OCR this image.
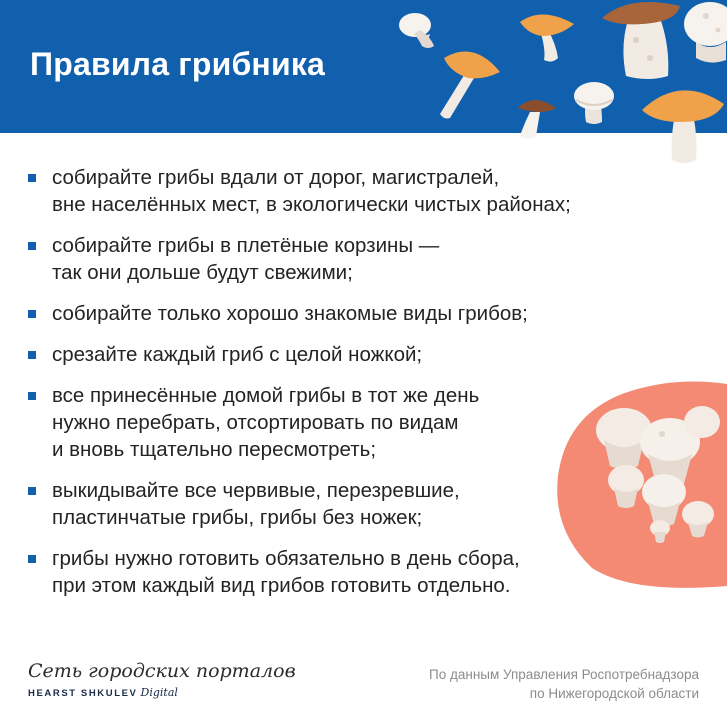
Правила грибника
собирайте грибы вдали от дорог, магистралей,
вне населённых мест, в экологически чистых районах;
собирайте грибы в плетёные корзины —
так они дольше будут свежими;
собирайте только хорошо знакомые виды грибов;
срезайте каждый гриб с целой ножкой;
все принесённые домой грибы в тот же день
нужно перебрать, отсортировать по видам
и вновь тщательно пересмотреть;
выкидывайте все червивые, перезревшие,
пластинчатые грибы, грибы без ножек;
грибы нужно готовить обязательно в день сбора,
при этом каждый вид грибов готовить отдельно.
Сеть городских порталов
HEARST SHKULEV Digital
По данным Управления Роспотребнадзора
по Нижегородской области
